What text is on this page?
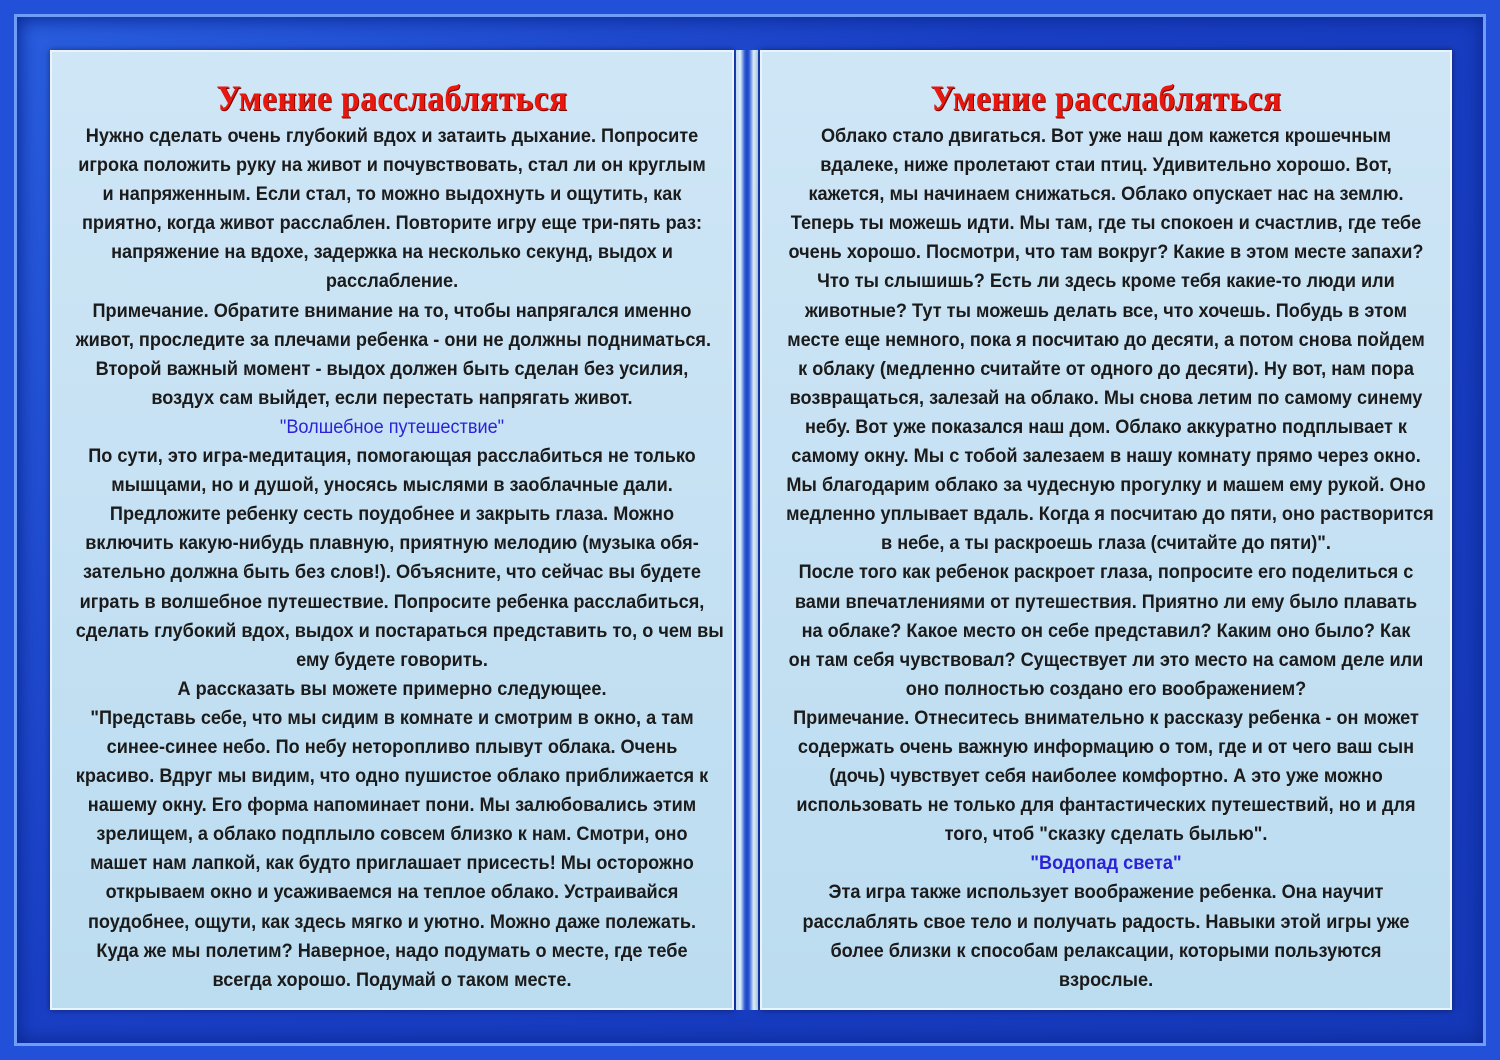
Умение расслабляться
Нужно сделать очень глубокий вдох и затаить дыхание. Попросите
игрока положить руку на живот и почувствовать, стал ли он круглым
и напряженным. Если стал, то можно выдохнуть и ощутить, как
приятно, когда живот расслаблен. Повторите игру еще три-пять раз:
напряжение на вдохе, задержка на несколько секунд, выдох и
расслабление.
Примечание. Обратите внимание на то, чтобы напрягался именно
живот, проследите за плечами ребенка - они не должны подниматься.
Второй важный момент - выдох должен быть сделан без усилия,
воздух сам выйдет, если перестать напрягать живот.
"Волшебное путешествие"
По сути, это игра-медитация, помогающая расслабиться не только
мышцами, но и душой, уносясь мыслями в заоблачные дали.
Предложите ребенку сесть поудобнее и закрыть глаза. Можно
включить какую-нибудь плавную, приятную мелодию (музыка обя-
зательно должна быть без слов!). Объясните, что сейчас вы будете
играть в волшебное путешествие. Попросите ребенка расслабиться,
сделать глубокий вдох, выдох и постараться представить то, о чем вы
ему будете говорить.
А рассказать вы можете примерно следующее.
"Представь себе, что мы сидим в комнате и смотрим в окно, а там
синее-синее небо. По небу неторопливо плывут облака. Очень
красиво. Вдруг мы видим, что одно пушистое облако приближается к
нашему окну. Его форма напоминает пони. Мы залюбовались этим
зрелищем, а облако подплыло совсем близко к нам. Смотри, оно
машет нам лапкой, как будто приглашает присесть! Мы осторожно
открываем окно и усаживаемся на теплое облако. Устраивайся
поудобнее, ощути, как здесь мягко и уютно. Можно даже полежать.
Куда же мы полетим? Наверное, надо подумать о месте, где тебе
всегда хорошо. Подумай о таком месте.
Умение расслабляться
Облако стало двигаться. Вот уже наш дом кажется крошечным
вдалеке, ниже пролетают стаи птиц. Удивительно хорошо. Вот,
кажется, мы начинаем снижаться. Облако опускает нас на землю.
Теперь ты можешь идти. Мы там, где ты спокоен и счастлив, где тебе
очень хорошо. Посмотри, что там вокруг? Какие в этом месте запахи?
Что ты слышишь? Есть ли здесь кроме тебя какие-то люди или
животные? Тут ты можешь делать все, что хочешь. Побудь в этом
месте еще немного, пока я посчитаю до десяти, а потом снова пойдем
к облаку (медленно считайте от одного до десяти). Ну вот, нам пора
возвращаться, залезай на облако. Мы снова летим по самому синему
небу. Вот уже показался наш дом. Облако аккуратно подплывает к
самому окну. Мы с тобой залезаем в нашу комнату прямо через окно.
Мы благодарим облако за чудесную прогулку и машем ему рукой. Оно
медленно уплывает вдаль. Когда я посчитаю до пяти, оно растворится
в небе, а ты раскроешь глаза (считайте до пяти)".
После того как ребенок раскроет глаза, попросите его поделиться с
вами впечатлениями от путешествия. Приятно ли ему было плавать
на облаке? Какое место он себе представил? Каким оно было? Как
он там себя чувствовал? Существует ли это место на самом деле или
оно полностью создано его воображением?
Примечание. Отнеситесь внимательно к рассказу ребенка - он может
содержать очень важную информацию о том, где и от чего ваш сын
(дочь) чувствует себя наиболее комфортно. А это уже можно
использовать не только для фантастических путешествий, но и для
того, чтоб "сказку сделать былью".
"Водопад света"
Эта игра также использует воображение ребенка. Она научит
расслаблять свое тело и получать радость. Навыки этой игры уже
более близки к способам релаксации, которыми пользуются
взрослые.
